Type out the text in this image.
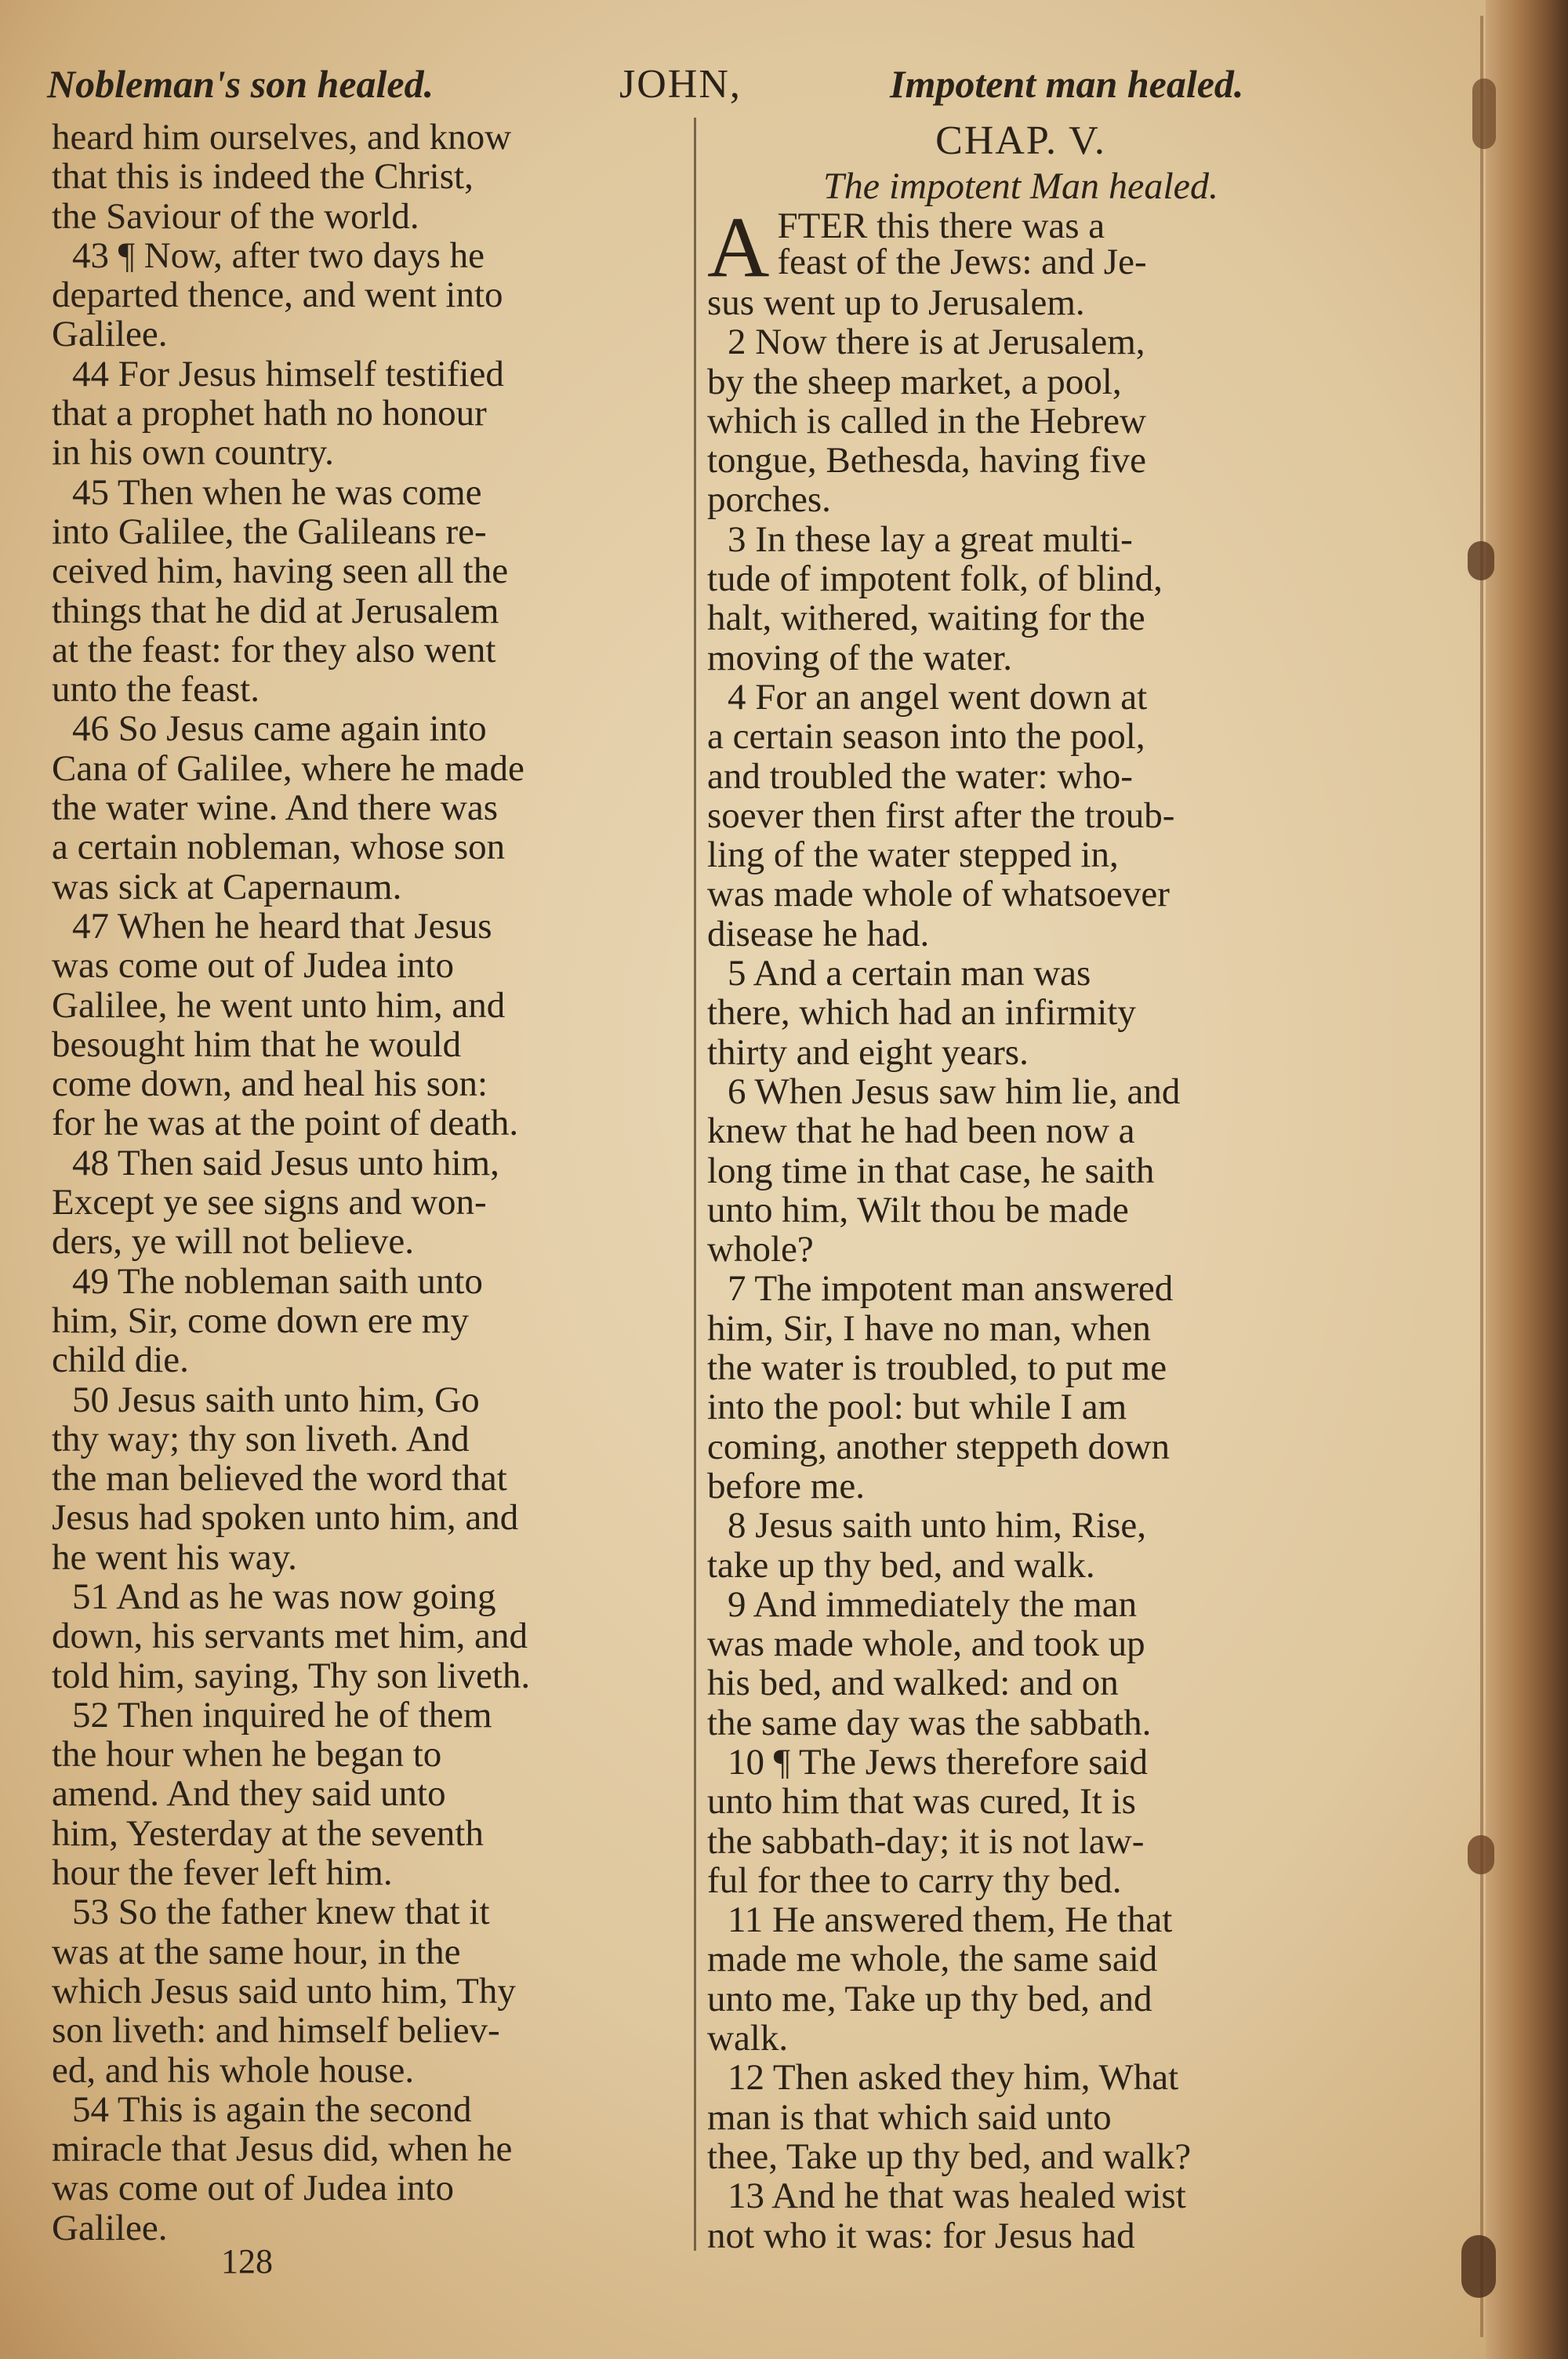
Nobleman's son healed.	JOHN,	Impotent man healed.
heard him ourselves, and know
that this is indeed the Christ,
the Saviour of the world.
43 ¶ Now, after two days he
departed thence, and went into
Galilee.
44 For Jesus himself testified
that a prophet hath no honour
in his own country.
45 Then when he was come
into Galilee, the Galileans re-
ceived him, having seen all the
things that he did at Jerusalem
at the feast: for they also went
unto the feast.
46 So Jesus came again into
Cana of Galilee, where he made
the water wine. And there was
a certain nobleman, whose son
was sick at Capernaum.
47 When he heard that Jesus
was come out of Judea into
Galilee, he went unto him, and
besought him that he would
come down, and heal his son:
for he was at the point of death.
48 Then said Jesus unto him,
Except ye see signs and won-
ders, ye will not believe.
49 The nobleman saith unto
him, Sir, come down ere my
child die.
50 Jesus saith unto him, Go
thy way; thy son liveth. And
the man believed the word that
Jesus had spoken unto him, and
he went his way.
51 And as he was now going
down, his servants met him, and
told him, saying, Thy son liveth.
52 Then inquired he of them
the hour when he began to
amend. And they said unto
him, Yesterday at the seventh
hour the fever left him.
53 So the father knew that it
was at the same hour, in the
which Jesus said unto him, Thy
son liveth: and himself believ-
ed, and his whole house.
54 This is again the second
miracle that Jesus did, when he
was come out of Judea into
Galilee.
CHAP. V.
The impotent Man healed.
A FTER this there was a
feast of the Jews: and Je-
sus went up to Jerusalem.
2 Now there is at Jerusalem,
by the sheep market, a pool,
which is called in the Hebrew
tongue, Bethesda, having five
porches.
3 In these lay a great multi-
tude of impotent folk, of blind,
halt, withered, waiting for the
moving of the water.
4 For an angel went down at
a certain season into the pool,
and troubled the water: who-
soever then first after the troub-
ling of the water stepped in,
was made whole of whatsoever
disease he had.
5 And a certain man was
there, which had an infirmity
thirty and eight years.
6 When Jesus saw him lie, and
knew that he had been now a
long time in that case, he saith
unto him, Wilt thou be made
whole?
7 The impotent man answered
him, Sir, I have no man, when
the water is troubled, to put me
into the pool: but while I am
coming, another steppeth down
before me.
8 Jesus saith unto him, Rise,
take up thy bed, and walk.
9 And immediately the man
was made whole, and took up
his bed, and walked: and on
the same day was the sabbath.
10 ¶ The Jews therefore said
unto him that was cured, It is
the sabbath-day; it is not law-
ful for thee to carry thy bed.
11 He answered them, He that
made me whole, the same said
unto me, Take up thy bed, and
walk.
12 Then asked they him, What
man is that which said unto
thee, Take up thy bed, and walk?
13 And he that was healed wist
not who it was: for Jesus had
128
